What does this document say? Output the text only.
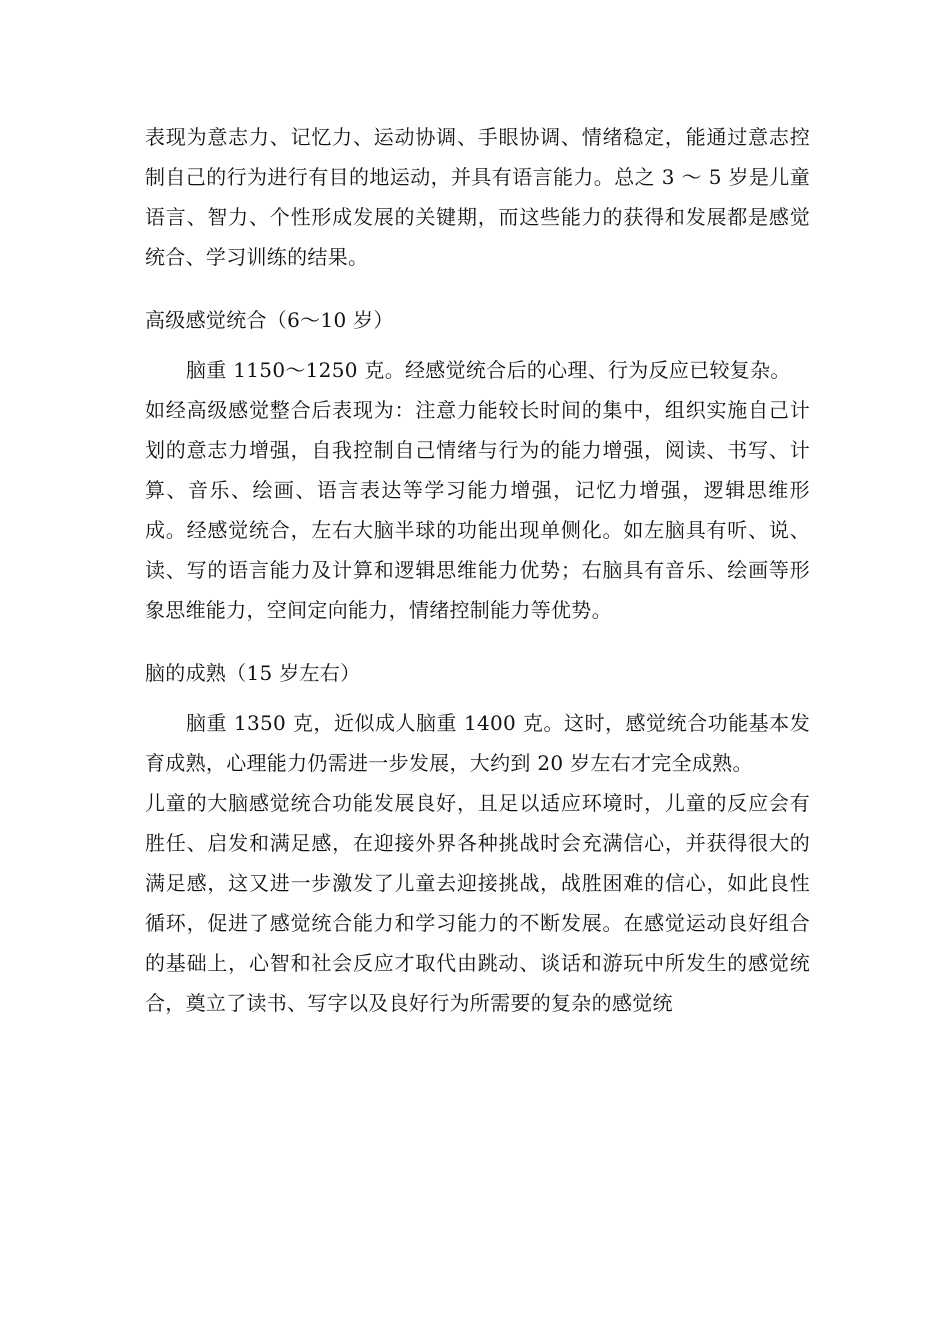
表现为意志力、记忆力、运动协调、手眼协调、情绪稳定，能通过意志控制自己的行为进行有目的地运动，并具有语言能力。总之 3 ～ 5 岁是儿童语言、智力、个性形成发展的关键期，而这些能力的获得和发展都是感觉统合、学习训练的结果。

高级感觉统合（6～10 岁）

脑重 1150～1250 克。经感觉统合后的心理、行为反应已较复杂。

如经高级感觉整合后表现为：注意力能较长时间的集中，组织实施自己计划的意志力增强，自我控制自己情绪与行为的能力增强，阅读、书写、计算、音乐、绘画、语言表达等学习能力增强，记忆力增强，逻辑思维形成。经感觉统合，左右大脑半球的功能出现单侧化。如左脑具有听、说、读、写的语言能力及计算和逻辑思维能力优势；右脑具有音乐、绘画等形象思维能力，空间定向能力，情绪控制能力等优势。

脑的成熟（15 岁左右）

脑重 1350 克，近似成人脑重 1400 克。这时，感觉统合功能基本发育成熟，心理能力仍需进一步发展，大约到 20 岁左右才完全成熟。

儿童的大脑感觉统合功能发展良好，且足以适应环境时，儿童的反应会有胜任、启发和满足感，在迎接外界各种挑战时会充满信心，并获得很大的满足感，这又进一步激发了儿童去迎接挑战，战胜困难的信心，如此良性循环，促进了感觉统合能力和学习能力的不断发展。在感觉运动良好组合的基础上，心智和社会反应才取代由跳动、谈话和游玩中所发生的感觉统合，奠立了读书、写字以及良好行为所需要的复杂的感觉统
